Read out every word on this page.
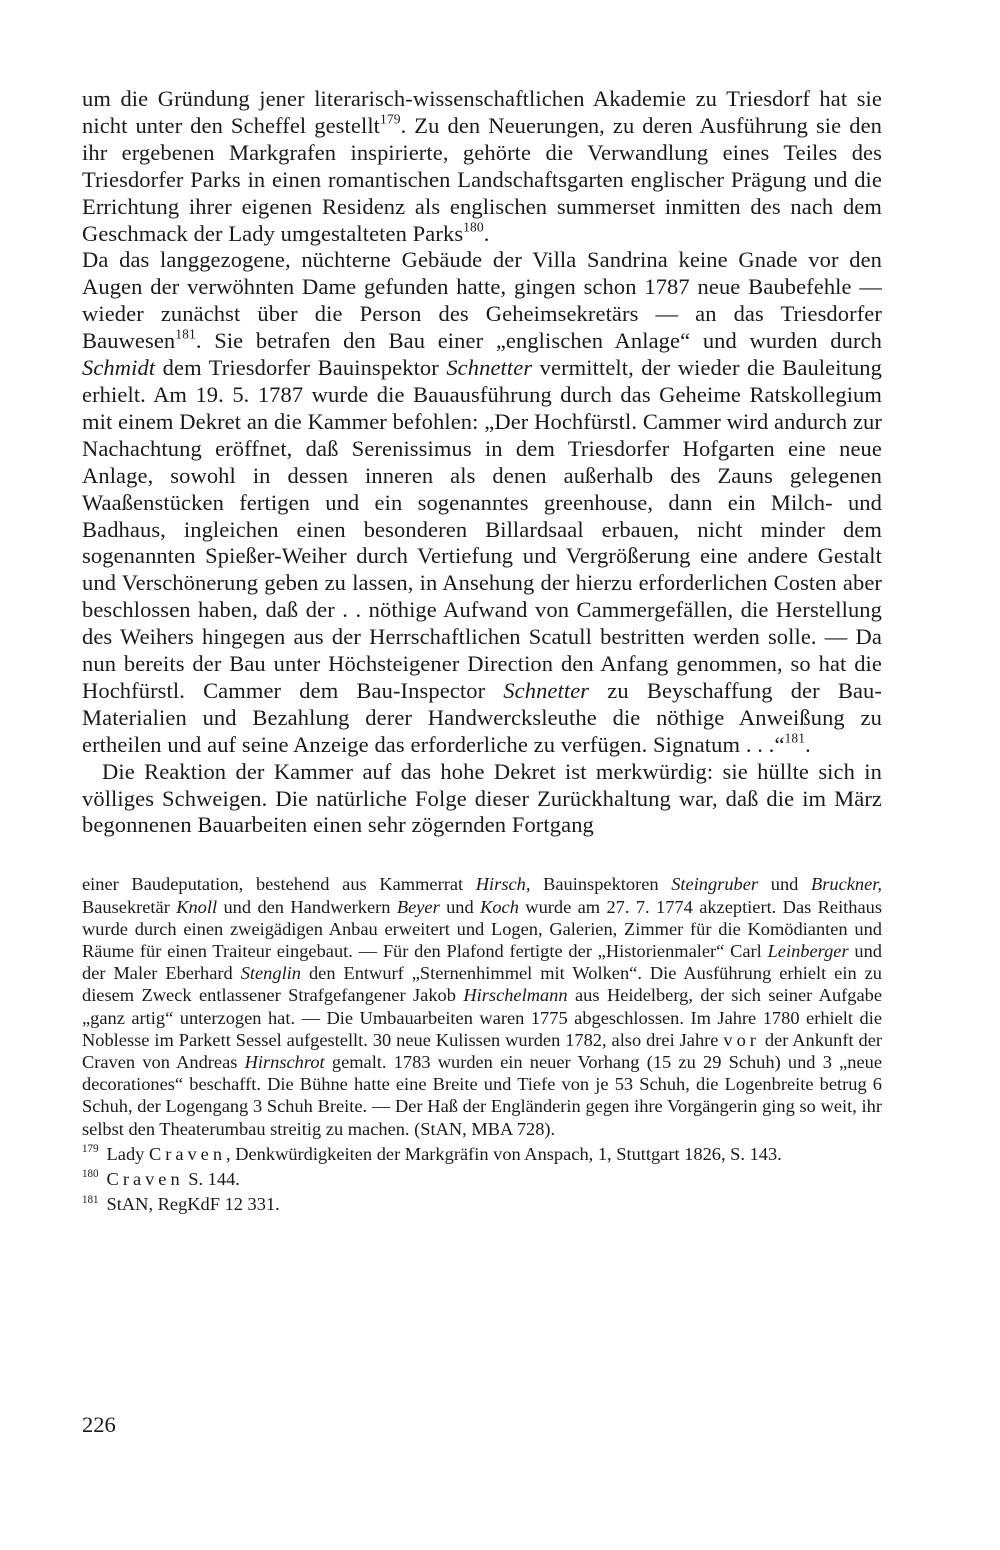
um die Gründung jener literarisch-wissenschaftlichen Akademie zu Triesdorf hat sie nicht unter den Scheffel gestellt$^{179}$. Zu den Neuerungen, zu deren Ausführung sie den ihr ergebenen Markgrafen inspirierte, gehörte die Verwandlung eines Teiles des Triesdorfer Parks in einen romantischen Landschaftsgarten englischer Prägung und die Errichtung ihrer eigenen Residenz als englischen summerset inmitten des nach dem Geschmack der Lady umgestalteten Parks$^{180}$.

Da das langgezogene, nüchterne Gebäude der Villa Sandrina keine Gnade vor den Augen der verwöhnten Dame gefunden hatte, gingen schon 1787 neue Baubefehle — wieder zunächst über die Person des Geheimsekretärs — an das Triesdorfer Bauwesen$^{181}$. Sie betrafen den Bau einer „englischen Anlage“ und wurden durch Schmidt dem Triesdorfer Bauinspektor Schnetter vermittelt, der wieder die Bauleitung erhielt. Am 19. 5. 1787 wurde die Bauausführung durch das Geheime Ratskollegium mit einem Dekret an die Kammer befohlen: „Der Hochfürstl. Cammer wird andurch zur Nachachtung eröffnet, daß Serenissimus in dem Triesdorfer Hofgarten eine neue Anlage, sowohl in dessen inneren als denen außerhalb des Zauns gelegenen Waaßenstücken fertigen und ein sogenanntes greenhouse, dann ein Milch- und Badhaus, ingleichen einen besonderen Billardsaal erbauen, nicht minder dem sogenannten Spießer-Weiher durch Vertiefung und Vergrößerung eine andere Gestalt und Verschönerung geben zu lassen, in Ansehung der hierzu erforderlichen Costen aber beschlossen haben, daß der . . nöthige Aufwand von Cammergefällen, die Herstellung des Weihers hingegen aus der Herrschaftlichen Scatull bestritten werden solle. — Da nun bereits der Bau unter Höchsteigener Direction den Anfang genommen, so hat die Hochfürstl. Cammer dem Bau-Inspector Schnetter zu Beyschaffung der Bau-Materialien und Bezahlung derer Handwercksleuthe die nöthige Anweißung zu ertheilen und auf seine Anzeige das erforderliche zu verfügen. Signatum . . .“$^{181}$.

Die Reaktion der Kammer auf das hohe Dekret ist merkwürdig: sie hüllte sich in völliges Schweigen. Die natürliche Folge dieser Zurückhaltung war, daß die im März begonnenen Bauarbeiten einen sehr zögernden Fortgang

einer Baudeputation, bestehend aus Kammerrat Hirsch, Bauinspektoren Steingruber und Bruckner, Bausekretär Knoll und den Handwerkern Beyer und Koch wurde am 27. 7. 1774 akzeptiert. Das Reithaus wurde durch einen zweigädigen Anbau erweitert und Logen, Galerien, Zimmer für die Komödianten und Räume für einen Traiteur eingebaut. — Für den Plafond fertigte der „Historienmaler“ Carl Leinberger und der Maler Eberhard Stenglin den Entwurf „Sternenhimmel mit Wolken“. Die Ausführung erhielt ein zu diesem Zweck entlassener Strafgefangener Jakob Hirschelmann aus Heidelberg, der sich seiner Aufgabe „ganz artig“ unterzogen hat. — Die Umbauarbeiten waren 1775 abgeschlossen. Im Jahre 1780 erhielt die Noblesse im Parkett Sessel aufgestellt. 30 neue Kulissen wurden 1782, also drei Jahre vor der Ankunft der Craven von Andreas Hirnschrot gemalt. 1783 wurden ein neuer Vorhang (15 zu 29 Schuh) und 3 „neue decorationes“ beschafft. Die Bühne hatte eine Breite und Tiefe von je 53 Schuh, die Logenbreite betrug 6 Schuh, der Logengang 3 Schuh Breite. — Der Haß der Engländerin gegen ihre Vorgängerin ging so weit, ihr selbst den Theaterumbau streitig zu machen. (StAN, MBA 728).

$^{179}$ Lady Craven, Denkwürdigkeiten der Markgräfin von Anspach, 1, Stuttgart 1826, S. 143.

$^{180}$ Craven S. 144.

$^{181}$ StAN, RegKdF 12 331.

226
